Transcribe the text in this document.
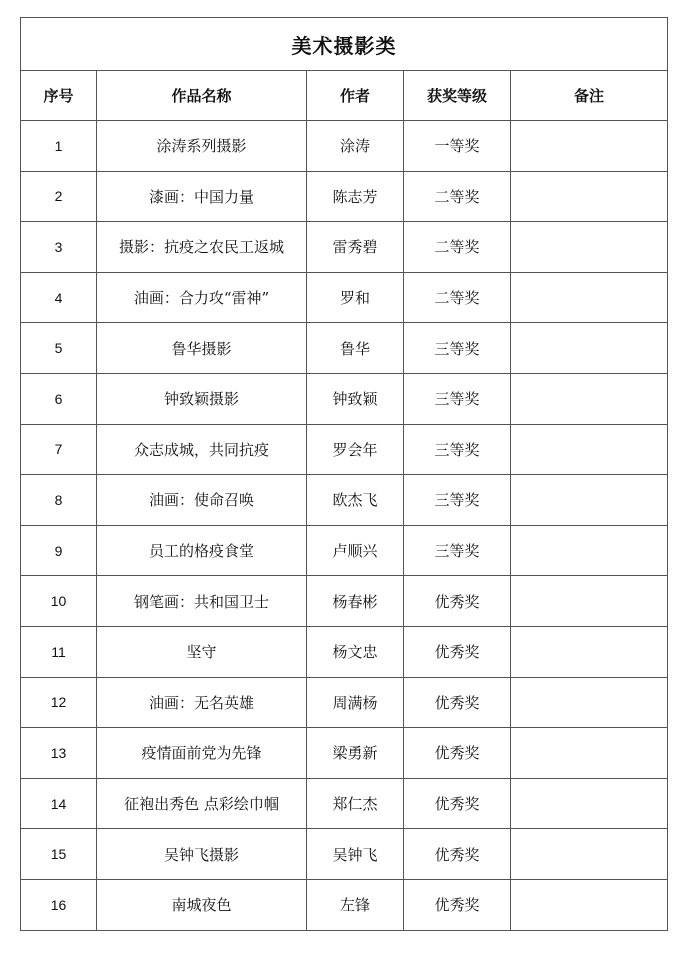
美术摄影类				
序号	作品名称	作者	获奖等级	备注
1	涂涛系列摄影	涂涛	一等奖	
2	漆画：中国力量	陈志芳	二等奖	
3	摄影：抗疫之农民工返城	雷秀碧	二等奖	
4	油画：合力攻“雷神”	罗和	二等奖	
5	鲁华摄影	鲁华	三等奖	
6	钟致颖摄影	钟致颖	三等奖	
7	众志成城，共同抗疫	罗会年	三等奖	
8	油画：使命召唤	欧杰飞	三等奖	
9	员工的格疫食堂	卢顺兴	三等奖	
10	钢笔画：共和国卫士	杨春彬	优秀奖	
11	坚守	杨文忠	优秀奖	
12	油画：无名英雄	周满杨	优秀奖	
13	疫情面前党为先锋	梁勇新	优秀奖	
14	征袍出秀色 点彩绘巾帼	郑仁杰	优秀奖	
15	吴钟飞摄影	吴钟飞	优秀奖	
16	南城夜色	左锋	优秀奖	
